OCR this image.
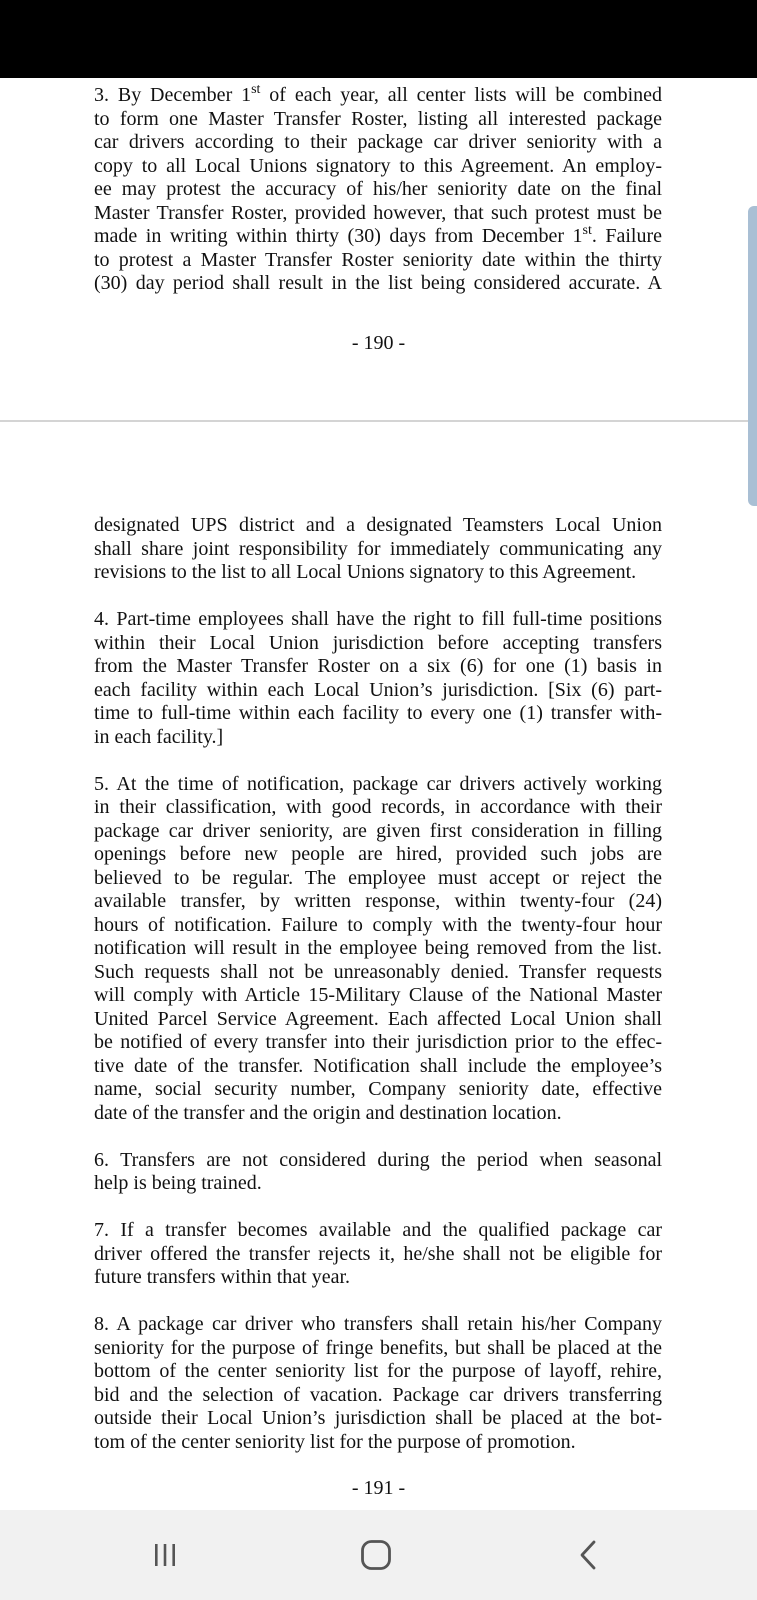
3. By December 1st of each year, all center lists will be combined
to form one Master Transfer Roster, listing all interested package
car drivers according to their package car driver seniority with a
copy to all Local Unions signatory to this Agreement. An employ-
ee may protest the accuracy of his/her seniority date on the final
Master Transfer Roster, provided however, that such protest must be
made in writing within thirty (30) days from December 1st. Failure
to protest a Master Transfer Roster seniority date within the thirty
(30) day period shall result in the list being considered accurate. A
- 190 -
designated UPS district and a designated Teamsters Local Union
shall share joint responsibility for immediately communicating any
revisions to the list to all Local Unions signatory to this Agreement.
4. Part-time employees shall have the right to fill full-time positions
within their Local Union jurisdiction before accepting transfers
from the Master Transfer Roster on a six (6) for one (1) basis in
each facility within each Local Union’s jurisdiction. [Six (6) part-
time to full-time within each facility to every one (1) transfer with-
in each facility.]
5. At the time of notification, package car drivers actively working
in their classification, with good records, in accordance with their
package car driver seniority, are given first consideration in filling
openings before new people are hired, provided such jobs are
believed to be regular. The employee must accept or reject the
available transfer, by written response, within twenty-four (24)
hours of notification. Failure to comply with the twenty-four hour
notification will result in the employee being removed from the list.
Such requests shall not be unreasonably denied. Transfer requests
will comply with Article 15-Military Clause of the National Master
United Parcel Service Agreement. Each affected Local Union shall
be notified of every transfer into their jurisdiction prior to the effec-
tive date of the transfer. Notification shall include the employee’s
name, social security number, Company seniority date, effective
date of the transfer and the origin and destination location.
6. Transfers are not considered during the period when seasonal
help is being trained.
7. If a transfer becomes available and the qualified package car
driver offered the transfer rejects it, he/she shall not be eligible for
future transfers within that year.
8. A package car driver who transfers shall retain his/her Company
seniority for the purpose of fringe benefits, but shall be placed at the
bottom of the center seniority list for the purpose of layoff, rehire,
bid and the selection of vacation. Package car drivers transferring
outside their Local Union’s jurisdiction shall be placed at the bot-
tom of the center seniority list for the purpose of promotion.
- 191 -
